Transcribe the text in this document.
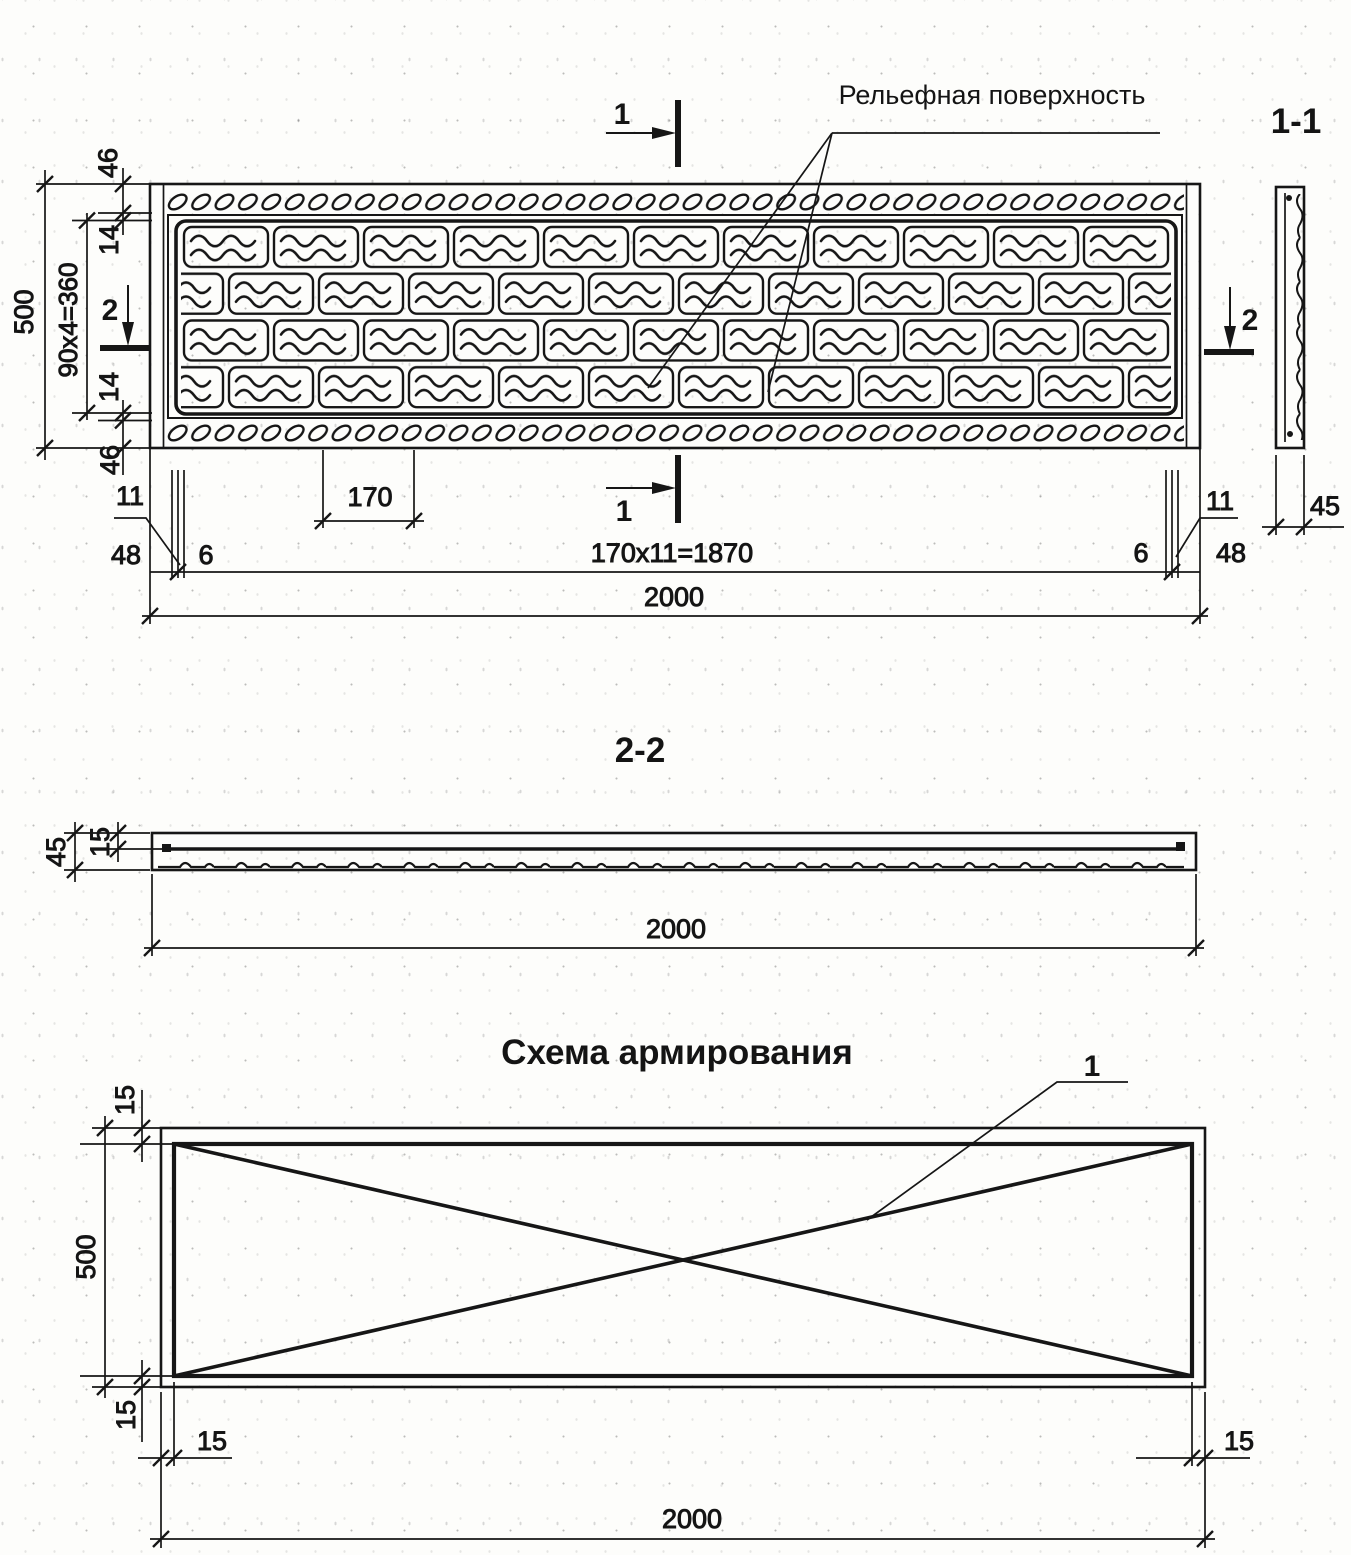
Рельефная поверхность
1
1
2	2
500
46
14
90x4=360
14
46
170
170x11=1870
2000
11
48 6
11
48
6
1-1
45
2-2
45 15
2000
Схема армирования	1
15
500
15
15	15
2000
